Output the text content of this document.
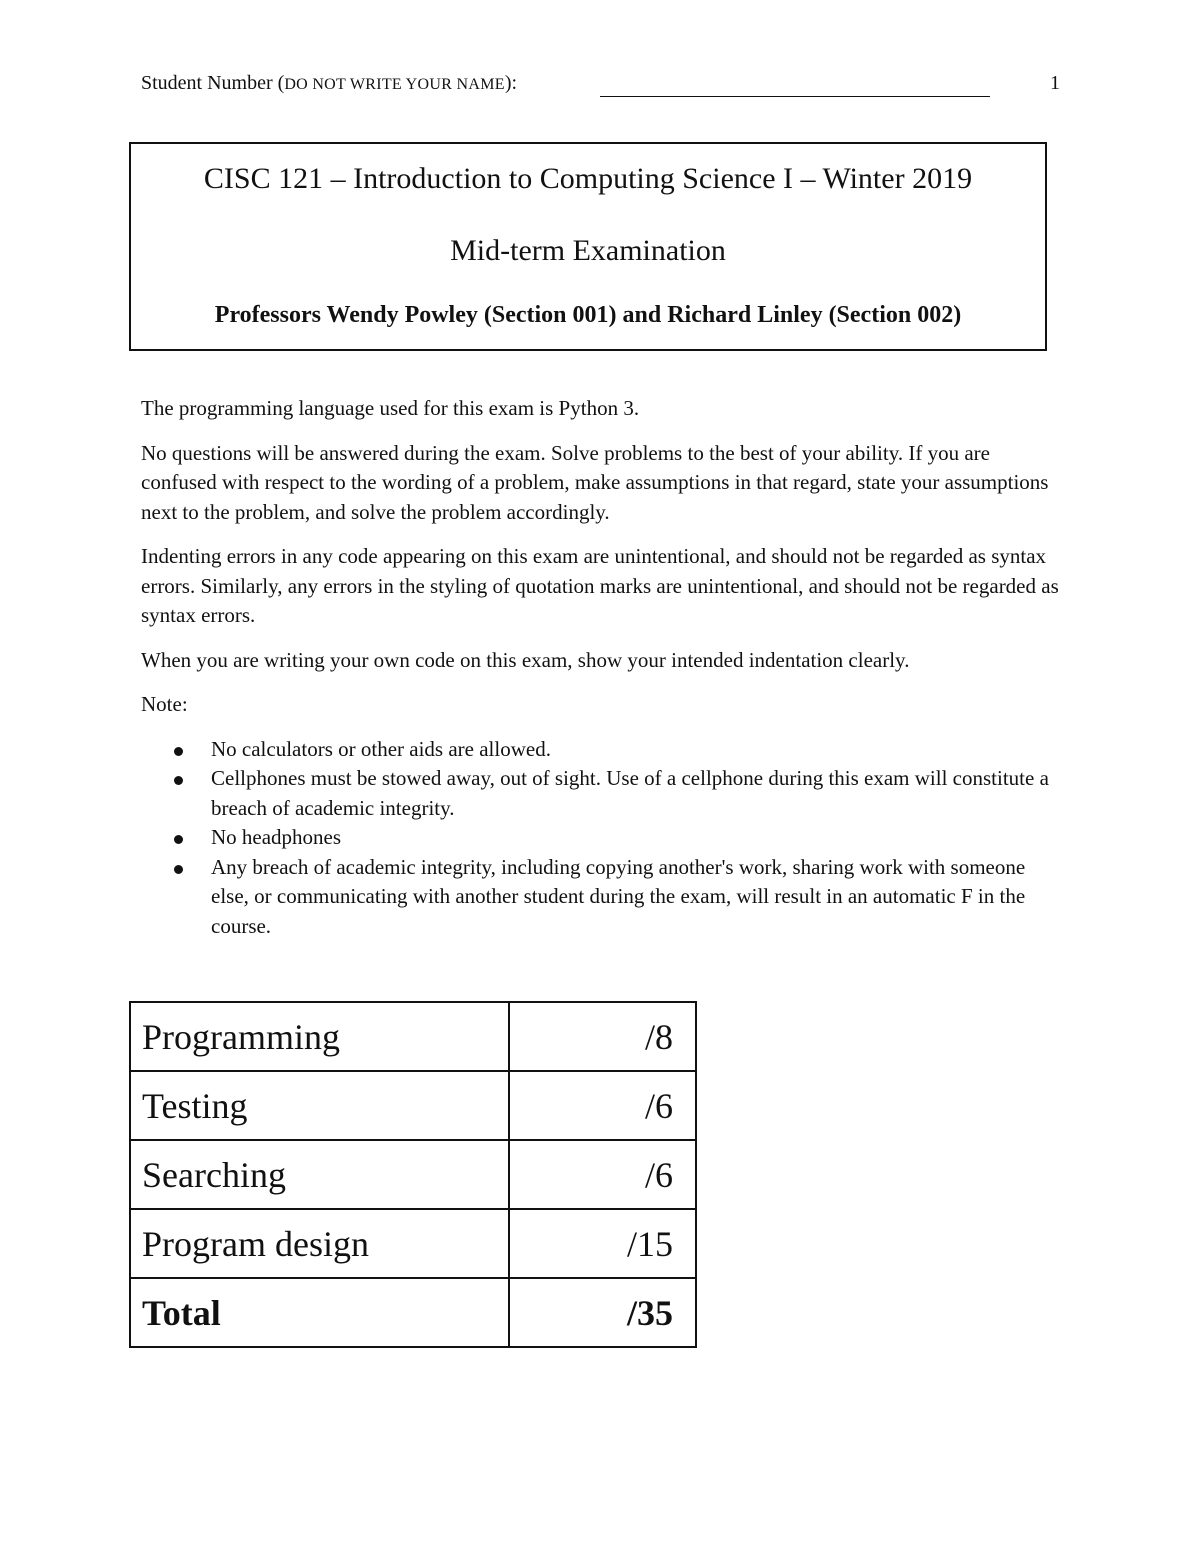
Student Number (DO NOT WRITE YOUR NAME):	1
CISC 121 – Introduction to Computing Science I – Winter 2019
Mid-term Examination
Professors Wendy Powley (Section 001) and Richard Linley (Section 002)

The programming language used for this exam is Python 3.

No questions will be answered during the exam. Solve problems to the best of your ability. If you are confused with respect to the wording of a problem, make assumptions in that regard, state your assumptions next to the problem, and solve the problem accordingly.

Indenting errors in any code appearing on this exam are unintentional, and should not be regarded as syntax errors. Similarly, any errors in the styling of quotation marks are unintentional, and should not be regarded as syntax errors.

When you are writing your own code on this exam, show your intended indentation clearly.

Note:

No calculators or other aids are allowed.
Cellphones must be stowed away, out of sight. Use of a cellphone during this exam will constitute a breach of academic integrity.
No headphones
Any breach of academic integrity, including copying another's work, sharing work with someone else, or communicating with another student during the exam, will result in an automatic F in the course.
Programming	/8
Testing	/6
Searching	/6
Program design	/15
Total	/35
